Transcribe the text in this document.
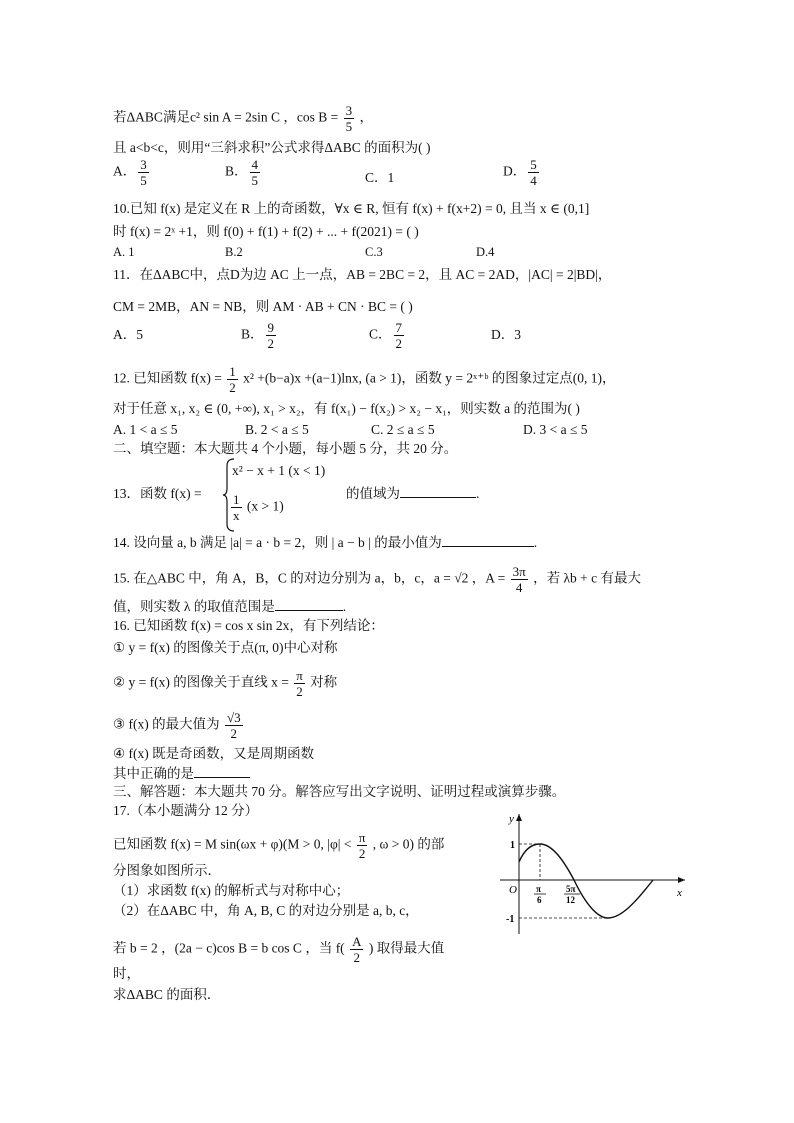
若ΔABC满足c² sin A = 2sin C ，$\cos B = \frac{3}{5}$ ，
且 a<b<c，则用“三斜求积”公式求得ΔABC 的面积为( )
A． $\frac{3}{5}$	B． $\frac{4}{5}$	C．1	D． $\frac{5}{4}$
10.已知 f(x) 是定义在 R 上的奇函数，∀x ∈ R, 恒有 f(x) + f(x+2) = 0, 且当 x ∈ (0,1]
时 f(x) = 2ˣ +1，则 f(0) + f(1) + f(2) + ... + f(2021) = ( )
A. 1	B.2	C.3	D.4
11．在ΔABC中，点D为边 AC 上一点，AB = 2BC = 2，且 AC = 2AD，|AC| = 2|BD|，
CM = 2MB，AN = NB，则 AM · AB + CN · BC = ( )
A．5	B． $\frac{9}{2}$	C． $\frac{7}{2}$	D．3
12. 已知函数 $f(x) = \frac{1}{2} x^2 +(b-a)x +(a-1)\ln x$, (a > 1)，函数 y = 2ˣ⁺ᵇ 的图象过定点(0, 1)，
对于任意 x₁, x₂ ∈ (0, +∞), x₁ > x₂，有 f(x₁) − f(x₂) > x₂ − x₁，则实数 a 的范围为( )
A. 1 < a ≤ 5	B. 2 < a ≤ 5	C. 2 ≤ a ≤ 5	D. 3 < a ≤ 5
二、填空题：本大题共 4 个小题，每小题 5 分，共 20 分。
13．函数 f(x) =
x² − x + 1 (x < 1)
$\frac{1}{x} (x > 1)$
的值域为	.
14. 设向量 a, b 满足 |a| = a · b = 2，则 | a − b | 的最小值为	.
15. 在△ABC 中，角 A，B，C 的对边分别为 a，b，c，a = √2 ，$A = \frac{3\pi}{4}$ ，若 λb + c 有最大
值，则实数 λ 的取值范围是	.
16. 已知函数 f(x) = cos x sin 2x，有下列结论：
① y = f(x) 的图像关于点(π, 0)中心对称
② y = f(x) 的图像关于直线 $x = \frac{\pi}{2}$ 对称
③ f(x) 的最大值为 $\frac{√3}{2}$
④ f(x) 既是奇函数，又是周期函数
其中正确的是
三、解答题：本大题共 70 分。解答应写出文字说明、证明过程或演算步骤。
17.（本小题满分 12 分）
已知函数 f(x) = M sin(ωx + φ)(M > 0, $|\varphi| < \frac{\pi}{2}$ , ω > 0) 的部
分图象如图所示．
（1）求函数 f(x) 的解析式与对称中心；
（2）在ΔABC 中，角 A, B, C 的对边分别是 a, b, c，
若 b = 2 ，(2a − c)cos B = b cos C ，当 $f( \frac{A}{2}$ ) 取得最大值
时，
求ΔABC 的面积．
y
x
O
1
-1
π
6
5π
12
